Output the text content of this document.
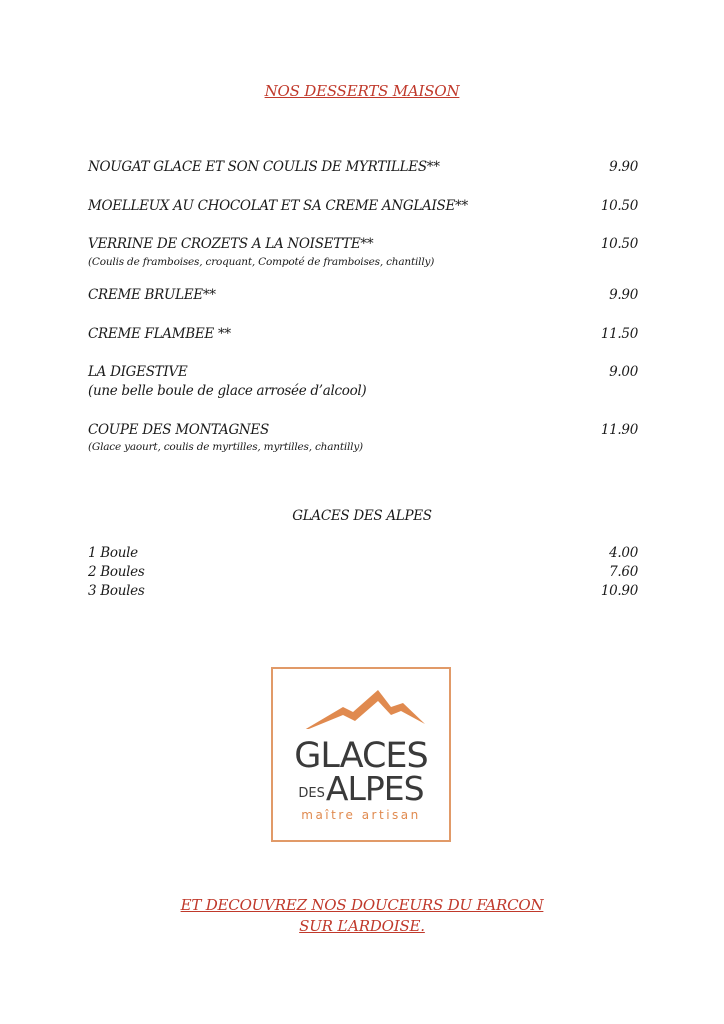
NOS DESSERTS MAISON
NOUGAT GLACE ET SON COULIS DE MYRTILLES**	9.90
MOELLEUX AU CHOCOLAT ET SA CREME ANGLAISE**	10.50
VERRINE DE CROZETS A LA NOISETTE**	10.50
(Coulis de framboises, croquant, Compoté de framboises, chantilly)
CREME BRULEE**	9.90
CREME FLAMBEE **	11.50
LA DIGESTIVE	9.00
(une belle boule de glace arrosée d’alcool)
COUPE DES MONTAGNES	11.90
(Glace yaourt, coulis de myrtilles, myrtilles, chantilly)
GLACES DES ALPES
1 Boule	4.00
2 Boules	7.60
3 Boules	10.90
GLACES
DESALPES
maître artisan
ET DECOUVREZ NOS DOUCEURS DU FARCON
SUR L’ARDOISE.
